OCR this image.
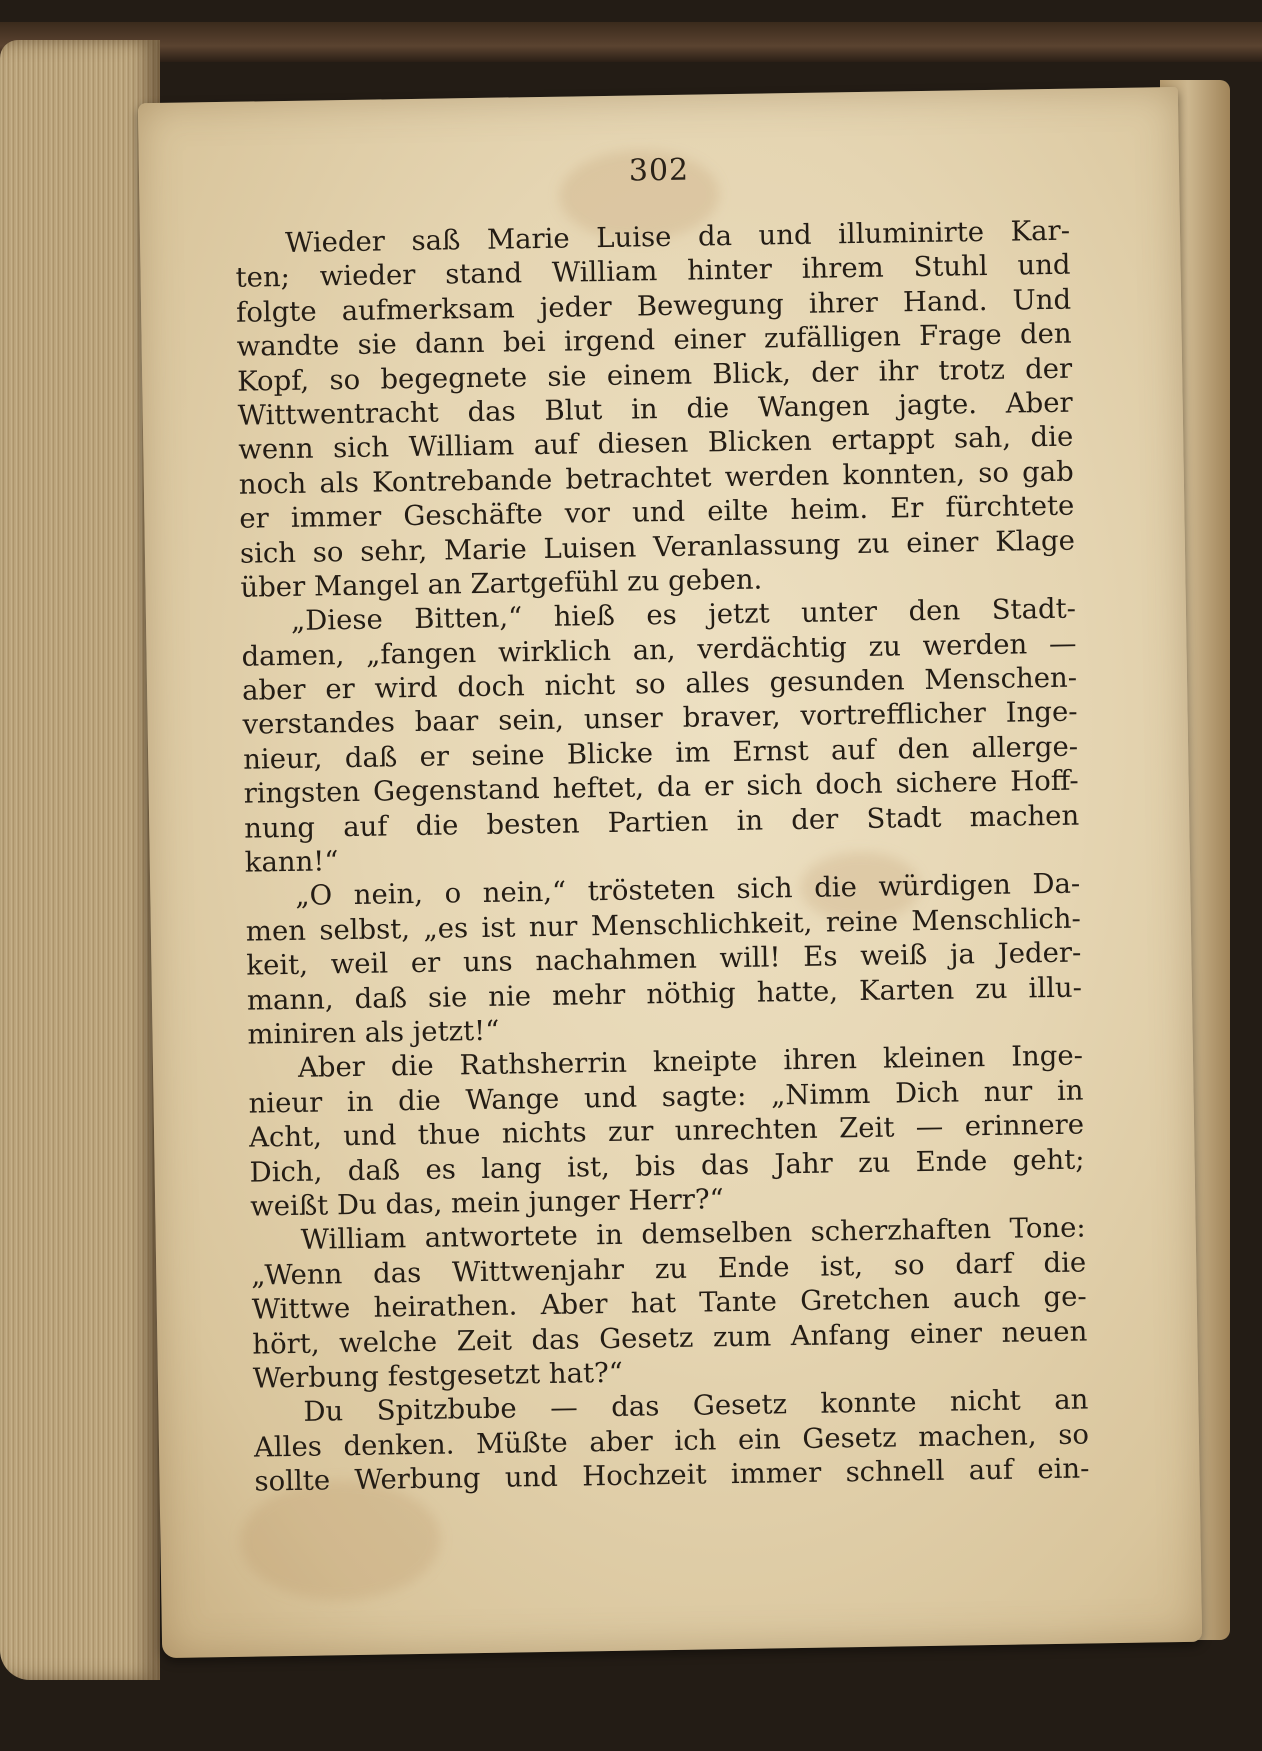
302
Wieder saß Marie Luise da und illuminirte Kar-
ten; wieder stand William hinter ihrem Stuhl und
folgte aufmerksam jeder Bewegung ihrer Hand. Und
wandte sie dann bei irgend einer zufälligen Frage den
Kopf, so begegnete sie einem Blick, der ihr trotz der
Wittwentracht das Blut in die Wangen jagte. Aber
wenn sich William auf diesen Blicken ertappt sah, die
noch als Kontrebande betrachtet werden konnten, so gab
er immer Geschäfte vor und eilte heim. Er fürchtete
sich so sehr, Marie Luisen Veranlassung zu einer Klage
über Mangel an Zartgefühl zu geben.
„Diese Bitten,“ hieß es jetzt unter den Stadt-
damen, „fangen wirklich an, verdächtig zu werden —
aber er wird doch nicht so alles gesunden Menschen-
verstandes baar sein, unser braver, vortrefflicher Inge-
nieur, daß er seine Blicke im Ernst auf den allerge-
ringsten Gegenstand heftet, da er sich doch sichere Hoff-
nung auf die besten Partien in der Stadt machen
kann!“
„O nein, o nein,“ trösteten sich die würdigen Da-
men selbst, „es ist nur Menschlichkeit, reine Menschlich-
keit, weil er uns nachahmen will! Es weiß ja Jeder-
mann, daß sie nie mehr nöthig hatte, Karten zu illu-
miniren als jetzt!“
Aber die Rathsherrin kneipte ihren kleinen Inge-
nieur in die Wange und sagte: „Nimm Dich nur in
Acht, und thue nichts zur unrechten Zeit — erinnere
Dich, daß es lang ist, bis das Jahr zu Ende geht;
weißt Du das, mein junger Herr?“
William antwortete in demselben scherzhaften Tone:
„Wenn das Wittwenjahr zu Ende ist, so darf die
Wittwe heirathen. Aber hat Tante Gretchen auch ge-
hört, welche Zeit das Gesetz zum Anfang einer neuen
Werbung festgesetzt hat?“
Du Spitzbube — das Gesetz konnte nicht an
Alles denken. Müßte aber ich ein Gesetz machen, so
sollte Werbung und Hochzeit immer schnell auf ein-
